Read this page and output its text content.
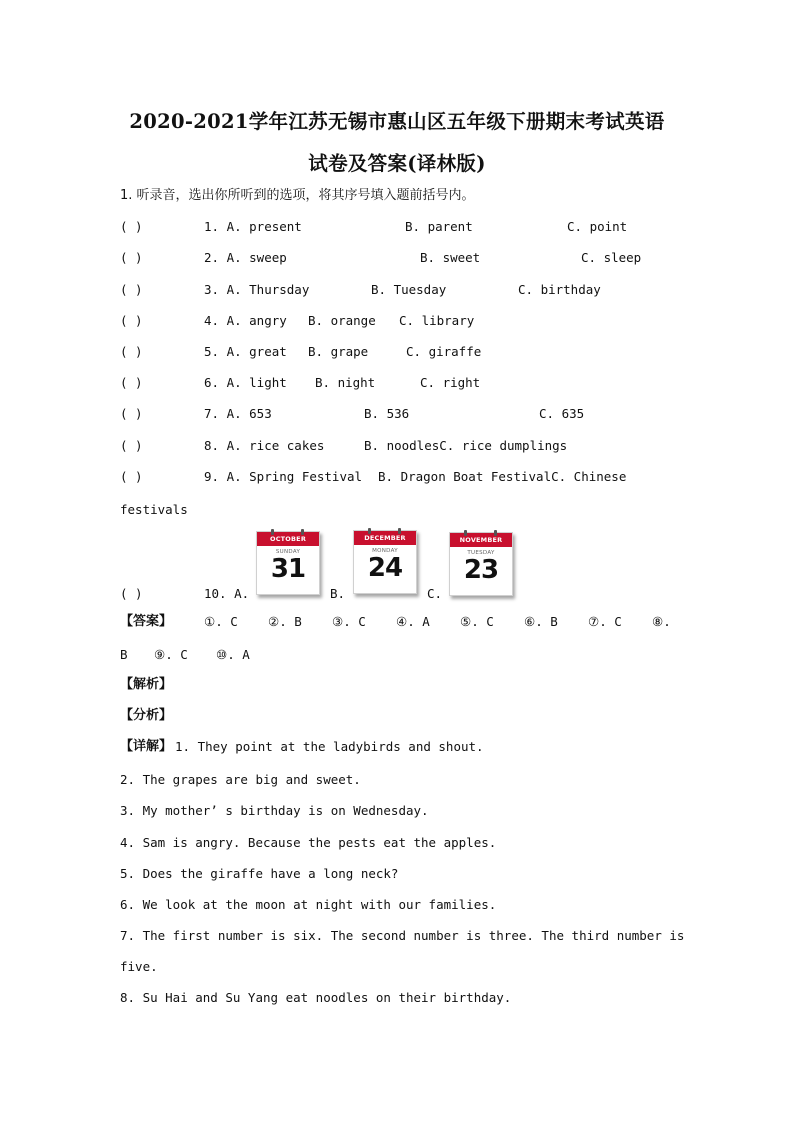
2020-2021学年江苏无锡市惠山区五年级下册期末考试英语
试卷及答案(译林版)
1. 听录音，选出你所听到的选项，将其序号填入题前括号内。
( )	1. A. present	B. parent	C. point
( )	2. A. sweep	B. sweet	C. sleep
( )	3. A. Thursday	B. Tuesday	C. birthday
( )	4. A. angry B. orange C. library
( )	5. A. great B. grape	C. giraffe
( )	6. A. light B. night	C. right
( )	7. A. 653	B. 536	C. 635
( )	8. A. rice cakes	B. noodlesC. rice dumplings
( )	9. A. Spring Festival B. Dragon Boat FestivalC. Chinese
festivals
( )	10. A.	B.	C.
OCTOBER
SUNDAY
31
DECEMBER
MONDAY
24
NOVEMBER
TUESDAY
23
【答案】	①. C ②. B ③. C ④. A ⑤. C ⑥. B ⑦. C ⑧.
B ⑨. C ⑩. A
【解析】
【分析】
【详解】 1. They point at the ladybirds and shout.
2. The grapes are big and sweet.
3. My mother’ s birthday is on Wednesday.
4. Sam is angry. Because the pests eat the apples.
5. Does the giraffe have a long neck?
6. We look at the moon at night with our families.
7. The first number is six. The second number is three. The third number is
five.
8. Su Hai and Su Yang eat noodles on their birthday.
